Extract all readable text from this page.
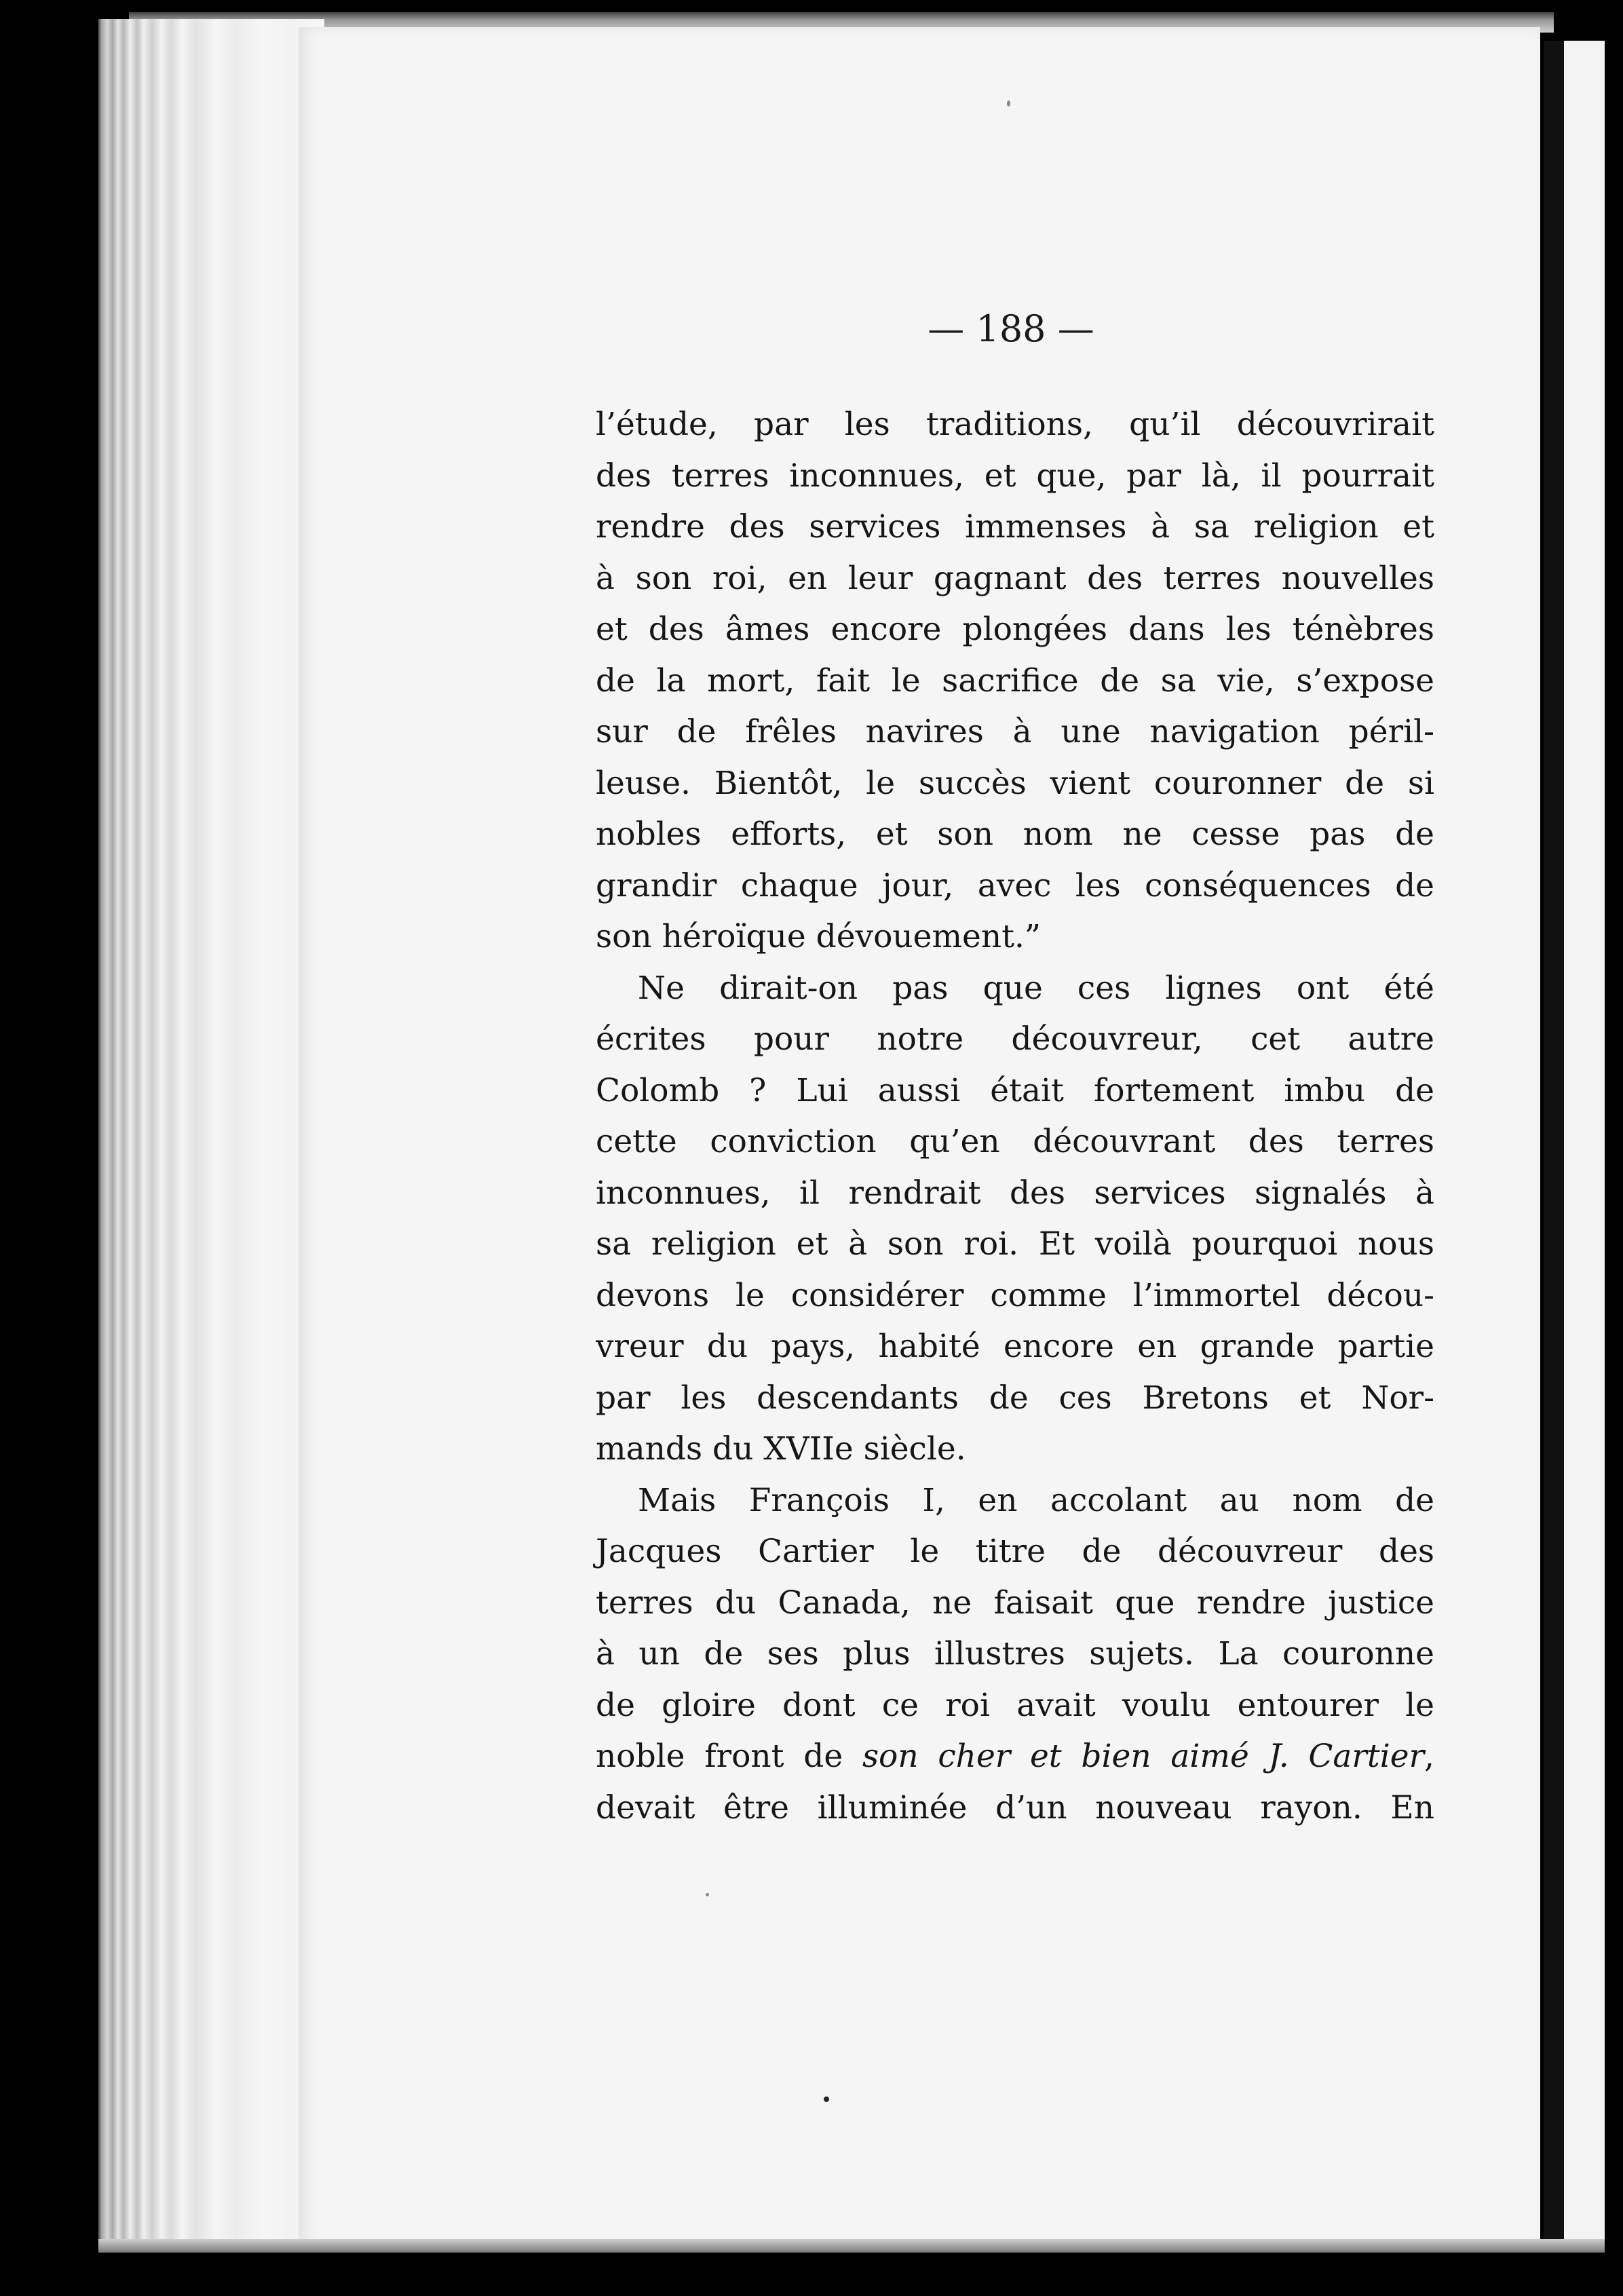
— 188 —
l’étude, par les traditions, qu’il découvrirait
des terres inconnues, et que, par là, il pourrait
rendre des services immenses à sa religion et
à son roi, en leur gagnant des terres nouvelles
et des âmes encore plongées dans les ténèbres
de la mort, fait le sacrifice de sa vie, s’expose
sur de frêles navires à une navigation péril-
leuse. Bientôt, le succès vient couronner de si
nobles efforts, et son nom ne cesse pas de
grandir chaque jour, avec les conséquences de
son héroïque dévouement.”
Ne dirait-on pas que ces lignes ont été
écrites pour notre découvreur, cet autre
Colomb ? Lui aussi était fortement imbu de
cette conviction qu’en découvrant des terres
inconnues, il rendrait des services signalés à
sa religion et à son roi. Et voilà pourquoi nous
devons le considérer comme l’immortel décou-
vreur du pays, habité encore en grande partie
par les descendants de ces Bretons et Nor-
mands du XVIIe siècle.
Mais François I, en accolant au nom de
Jacques Cartier le titre de découvreur des
terres du Canada, ne faisait que rendre justice
à un de ses plus illustres sujets. La couronne
de gloire dont ce roi avait voulu entourer le
noble front de son cher et bien aimé J. Cartier,
devait être illuminée d’un nouveau rayon. En
